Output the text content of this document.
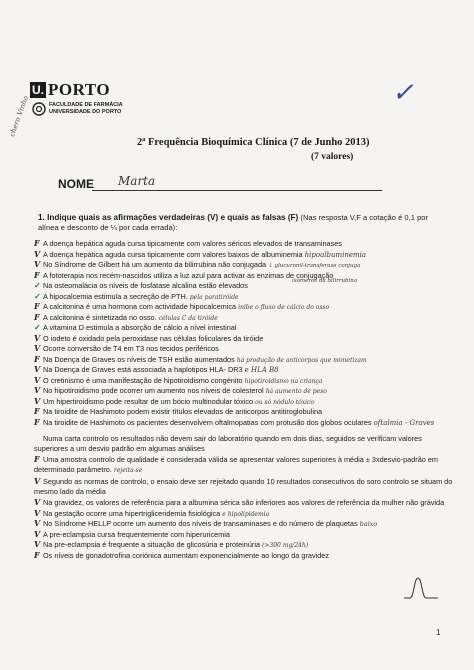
chero Vinho
✓
U. PORTO
FACULDADE DE FARMÁCIA
UNIVERSIDADE DO PORTO
2ª Frequência Bioquímica Clínica (7 de Junho 2013)
(7 valores)
NOME Marta
1. Indique quais as afirmações verdadeiras (V) e quais as falsas (F) (Nas resposta V,F a cotação é 0,1 por alínea e desconto de ¼ por cada errada):
F A doença hepática aguda cursa tipicamente com valores séricos elevados de transaminases
V A doença hepática aguda cursa tipicamente com valores baixos de albuminemia hipoalbuminemia
V No Síndrome de Gilbert há um aumento da bilirrubina não conjugada ↓ glucuronil-transferase conjuga
F A fototerapia nos recém-nascidos utiliza a luz azul para activar as enzimas de conjugação
isómeros da bilirrubina
✓ Na osteomalácia os níveis de fosfatase alcalina estão elevados
✓ A hipocalcemia estimula a secreção de PTH. pela paratiróide
F A calcitonina é uma hormona com actividade hipocalcemica inibe o fluxo de cálcio do osso
F A calcitonina é sintetizada no osso. células C da tiróide
✓ A vitamina D estimula a absorção de cálcio a nível intestinal
V O iodeto é oxidado pela peroxidase nas células foliculares da tiróide
V Ocorre conversão de T4 em T3 nos tecidos periféricos
F Na Doença de Graves os níveis de TSH estão aumentados há produção de anticorpos que mimetizam
V Na Doença de Graves está associada a haplotipos HLA- DR3 e HLA B8
V O cretinismo é uma manifestação de hipotiroidismo congénito hipotiroidismo na criança
V No hipotiroidismo pode ocorrer um aumento nos níveis de colesterol há aumento de peso
V Um hipertiroidismo pode resultar de um bócio multinodular tóxico ou só nódulo tóxico
F Na tiroidite de Hashimoto podem existir títulos elevados de anticorpos antitiroglobulina
F Na tiroidite de Hashimoto os pacientes desenvolvem oftalmopatias com protusão dos globos oculares oftalmia - Graves
Numa carta controlo os resultados não devem sair do laboratório quando em dois dias, seguidos se verificam valores superiores a um desvio padrão em algumas análises
F Uma amostra controlo de qualidade é considerada válida se apresentar valores superiores à média ± 3xdesvio-padrão em determinado parâmetro. rejeita-se
V Segundo as normas de controlo, o ensaio deve ser rejeitado quando 10 resultados consecutivos do soro controlo se situam do mesmo lado da média
V Na gravidez, os valores de referência para a albumina sérica são inferiores aos valores de referência da mulher não grávida
V Na gestação ocorre uma hipertrigliceridemia fisiológica e hipolipidemia
V No Síndrome HELLP ocorre um aumento dos níveis de transaminases e do número de plaquetas baixo
V A pre-eclampsia cursa frequentemente com hiperuricemia
V Na pre-eclampsia é frequente a situação de glicosúria e proteinúria (>300 mg/24h)
F Os níveis de gonadotrofina coriónica aumentam exponencialmente ao longo da gravidez
1
